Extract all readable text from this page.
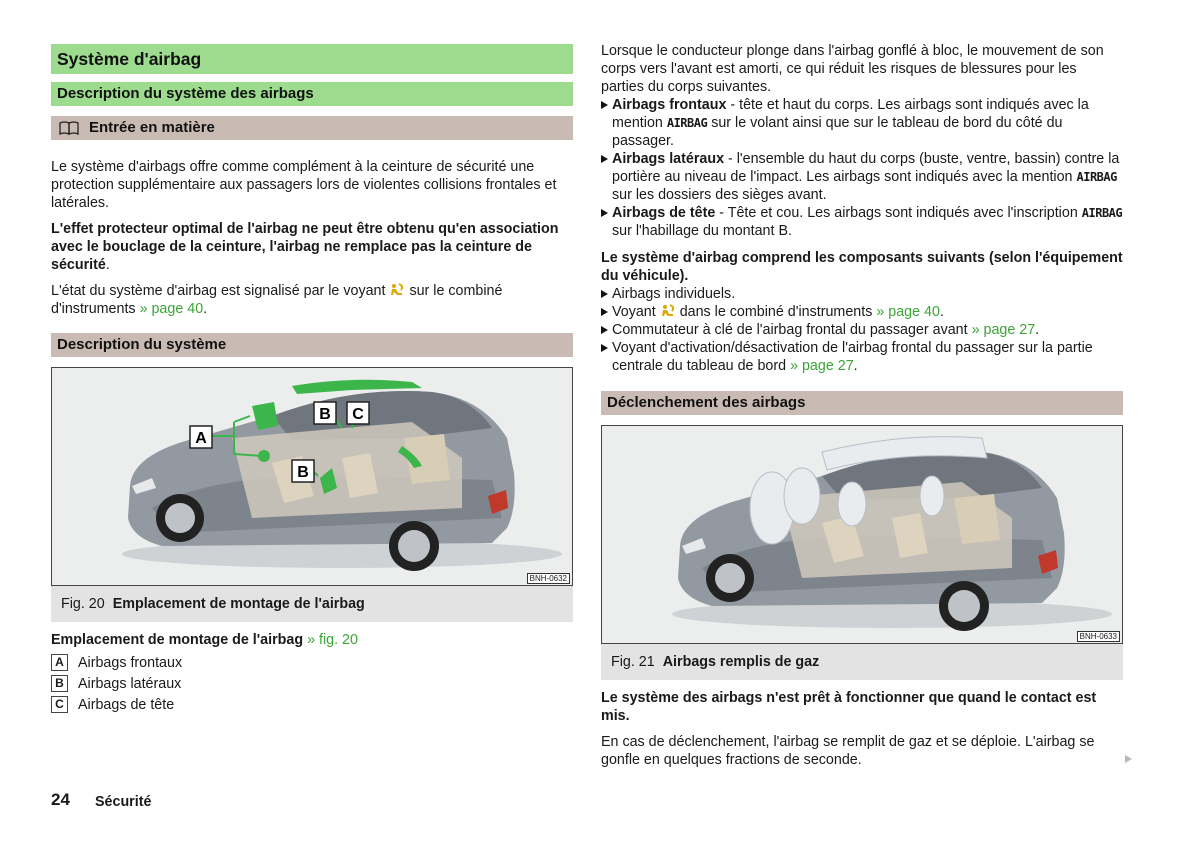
Système d'airbag
Description du système des airbags
Entrée en matière

Le système d'airbags offre comme complément à la ceinture de sécurité une protection supplémentaire aux passagers lors de violentes collisions frontales et latérales.

L'effet protecteur optimal de l'airbag ne peut être obtenu qu'en association avec le bouclage de la ceinture, l'airbag ne remplace pas la ceinture de sécurité.

L'état du système d'airbag est signalisé par le voyant sur le combiné d'instruments » page 40.

Description du système
A
B C
B
BNH-0632
Fig. 20 Emplacement de montage de l'airbag

Emplacement de montage de l'airbag » fig. 20

A Airbags frontaux
B Airbags latéraux
C Airbags de tête

Lorsque le conducteur plonge dans l'airbag gonflé à bloc, le mouvement de son corps vers l'avant est amorti, ce qui réduit les risques de blessures pour les parties du corps suivantes.

Airbags frontaux - tête et haut du corps. Les airbags sont indiqués avec la mention AIRBAG sur le volant ainsi que sur le tableau de bord du côté du passager.

Airbags latéraux - l'ensemble du haut du corps (buste, ventre, bassin) contre la portière au niveau de l'impact. Les airbags sont indiqués avec la mention AIRBAG sur les dossiers des sièges avant.

Airbags de tête - Tête et cou. Les airbags sont indiqués avec l'inscription AIRBAG sur l'habillage du montant B.

Le système d'airbag comprend les composants suivants (selon l'équipement du véhicule).

Airbags individuels.

Voyant dans le combiné d'instruments » page 40.

Commutateur à clé de l'airbag frontal du passager avant » page 27.

Voyant d'activation/désactivation de l'airbag frontal du passager sur la partie centrale du tableau de bord » page 27.

Déclenchement des airbags
BNH-0633
Fig. 21 Airbags remplis de gaz

Le système des airbags n'est prêt à fonctionner que quand le contact est mis.

En cas de déclenchement, l'airbag se remplit de gaz et se déploie. L'airbag se gonfle en quelques fractions de seconde.

24 Sécurité
